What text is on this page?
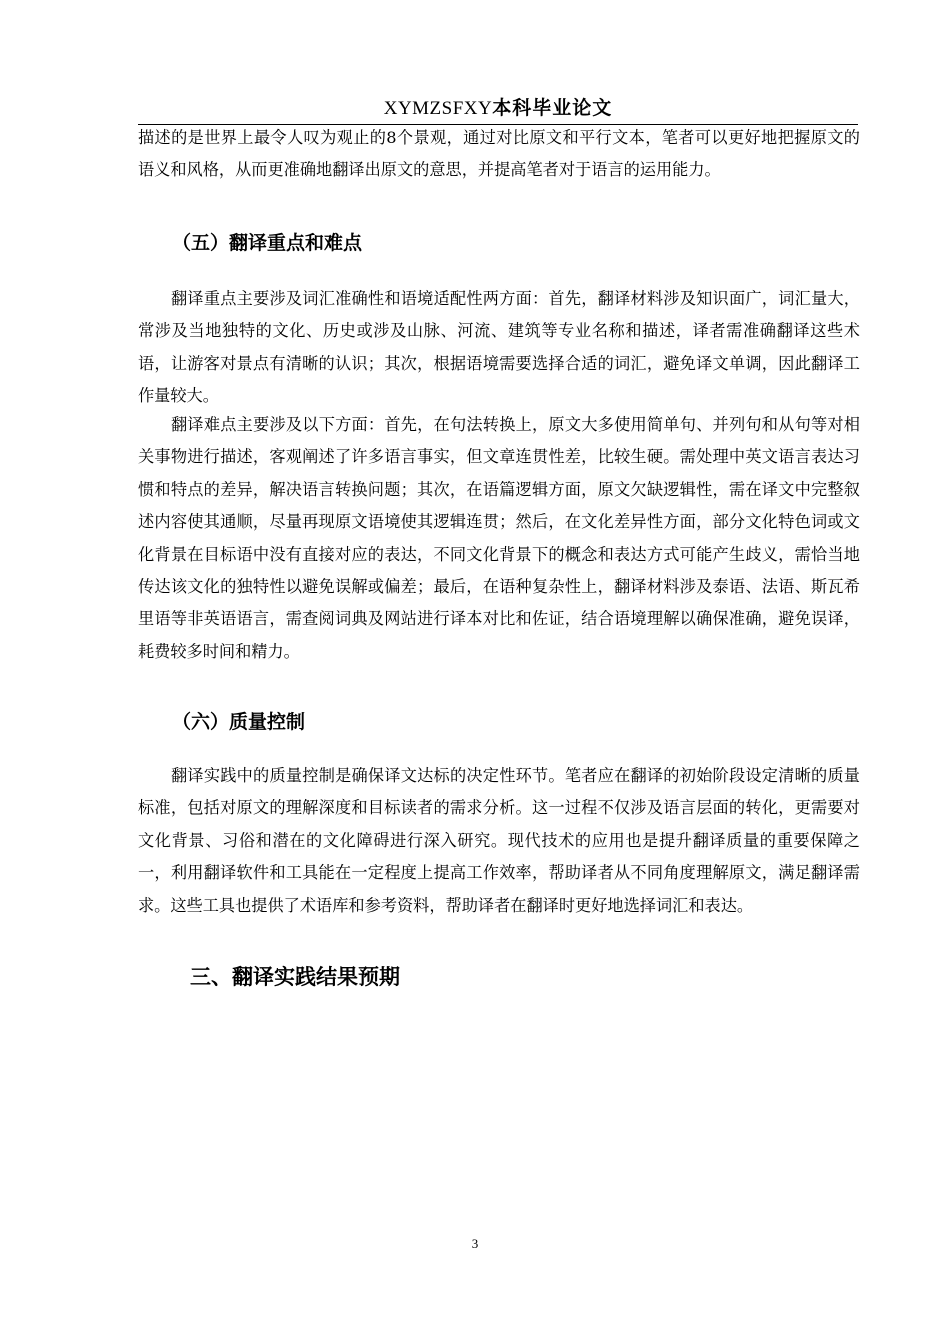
XYMZSFXY本科毕业论文

描述的是世界上最令人叹为观止的8个景观，通过对比原文和平行文本，笔者可以更好地把握原文的语义和风格，从而更准确地翻译出原文的意思，并提高笔者对于语言的运用能力。

（五）翻译重点和难点

翻译重点主要涉及词汇准确性和语境适配性两方面：首先，翻译材料涉及知识面广，词汇量大，常涉及当地独特的文化、历史或涉及山脉、河流、建筑等专业名称和描述，译者需准确翻译这些术语，让游客对景点有清晰的认识；其次，根据语境需要选择合适的词汇，避免译文单调，因此翻译工作量较大。

翻译难点主要涉及以下方面：首先，在句法转换上，原文大多使用简单句、并列句和从句等对相关事物进行描述，客观阐述了许多语言事实，但文章连贯性差，比较生硬。需处理中英文语言表达习惯和特点的差异，解决语言转换问题；其次，在语篇逻辑方面，原文欠缺逻辑性，需在译文中完整叙述内容使其通顺，尽量再现原文语境使其逻辑连贯；然后，在文化差异性方面，部分文化特色词或文化背景在目标语中没有直接对应的表达，不同文化背景下的概念和表达方式可能产生歧义，需恰当地传达该文化的独特性以避免误解或偏差；最后，在语种复杂性上，翻译材料涉及泰语、法语、斯瓦希里语等非英语语言，需查阅词典及网站进行译本对比和佐证，结合语境理解以确保准确，避免误译，耗费较多时间和精力。

（六）质量控制

翻译实践中的质量控制是确保译文达标的决定性环节。笔者应在翻译的初始阶段设定清晰的质量标准，包括对原文的理解深度和目标读者的需求分析。这一过程不仅涉及语言层面的转化，更需要对文化背景、习俗和潜在的文化障碍进行深入研究。现代技术的应用也是提升翻译质量的重要保障之一，利用翻译软件和工具能在一定程度上提高工作效率，帮助译者从不同角度理解原文，满足翻译需求。这些工具也提供了术语库和参考资料，帮助译者在翻译时更好地选择词汇和表达。

三、翻译实践结果预期
3
